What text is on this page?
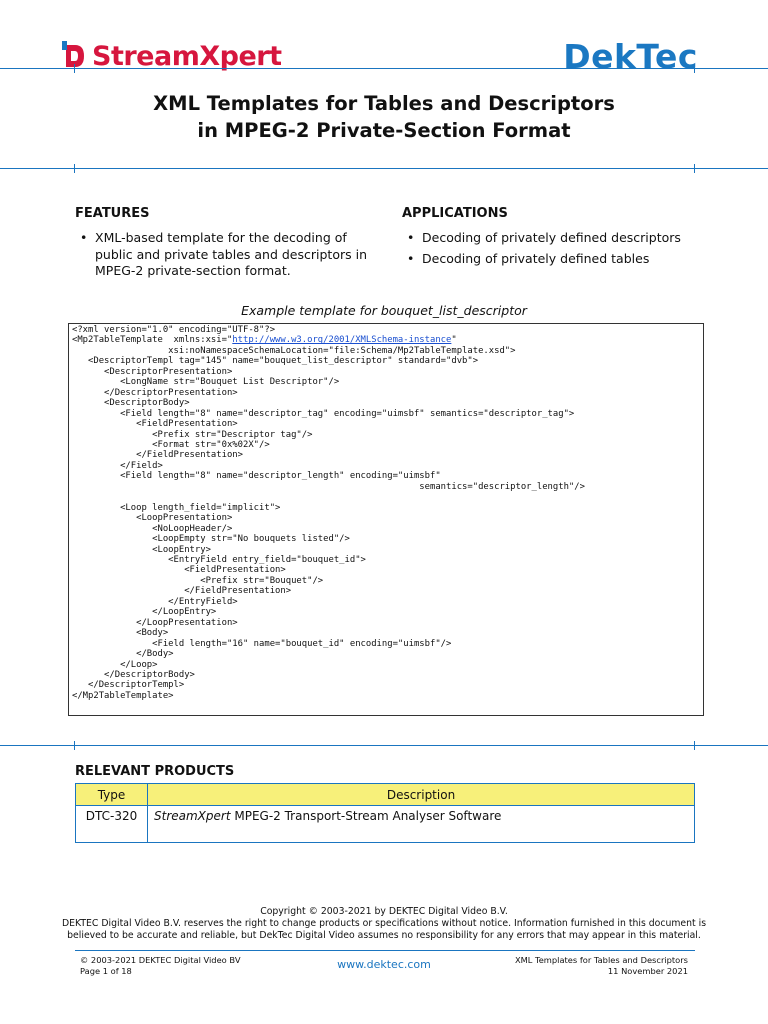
StreamXpert	DekTec
XML Templates for Tables and Descriptors
in MPEG-2 Private-Section Format
FEATURES
• XML-based template for the decoding of public and private tables and descriptors in MPEG-2 private-section format.
APPLICATIONS
• Decoding of privately defined descriptors
• Decoding of privately defined tables
Example template for bouquet_list_descriptor
<?xml version="1.0" encoding="UTF-8"?>
<Mp2TableTemplate  xmlns:xsi="http://www.w3.org/2001/XMLSchema-instance"
xsi:noNamespaceSchemaLocation="file:Schema/Mp2TableTemplate.xsd">
<DescriptorTempl tag="145" name="bouquet_list_descriptor" standard="dvb">
<DescriptorPresentation>
<LongName str="Bouquet List Descriptor"/>
</DescriptorPresentation>
<DescriptorBody>
<Field length="8" name="descriptor_tag" encoding="uimsbf" semantics="descriptor_tag">
<FieldPresentation>
<Prefix str="Descriptor tag"/>
<Format str="0x%02X"/>
</FieldPresentation>
</Field>
<Field length="8" name="descriptor_length" encoding="uimsbf"
semantics="descriptor_length"/>

<Loop length_field="implicit">
<LoopPresentation>
<NoLoopHeader/>
<LoopEmpty str="No bouquets listed"/>
<LoopEntry>
<EntryField entry_field="bouquet_id">
<FieldPresentation>
<Prefix str="Bouquet"/>
</FieldPresentation>
</EntryField>
</LoopEntry>
</LoopPresentation>
<Body>
<Field length="16" name="bouquet_id" encoding="uimsbf"/>
</Body>
</Loop>
</DescriptorBody>
</DescriptorTempl>
</Mp2TableTemplate>
RELEVANT PRODUCTS
Type	Description
DTC-320	StreamXpert MPEG-2 Transport-Stream Analyser Software
Copyright © 2003-2021 by DEKTEC Digital Video B.V.
DEKTEC Digital Video B.V. reserves the right to change products or specifications without notice. Information furnished in this document is
believed to be accurate and reliable, but DekTec Digital Video assumes no responsibility for any errors that may appear in this material.
© 2003-2021 DEKTEC Digital Video BV
Page 1 of 18	www.dektec.com	XML Templates for Tables and Descriptors
11 November 2021
